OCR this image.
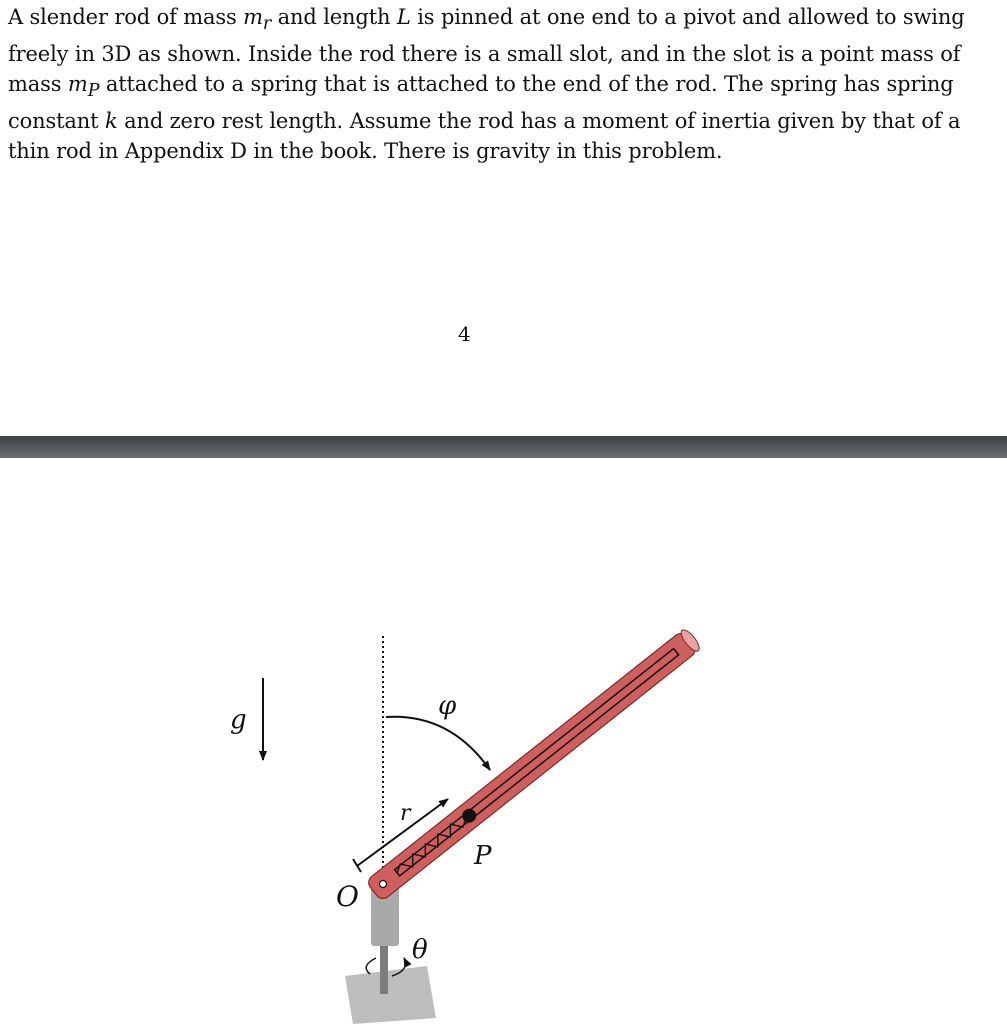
A slender rod of mass $m_r$ and length L is pinned at one end to a pivot and allowed to swing
freely in 3D as shown. Inside the rod there is a small slot, and in the slot is a point mass of
mass $m_P$ attached to a spring that is attached to the end of the rod. The spring has spring
constant k and zero rest length. Assume the rod has a moment of inertia given by that of a
thin rod in Appendix D in the book. There is gravity in this problem.
4
g	φ
θ
r
P
O
